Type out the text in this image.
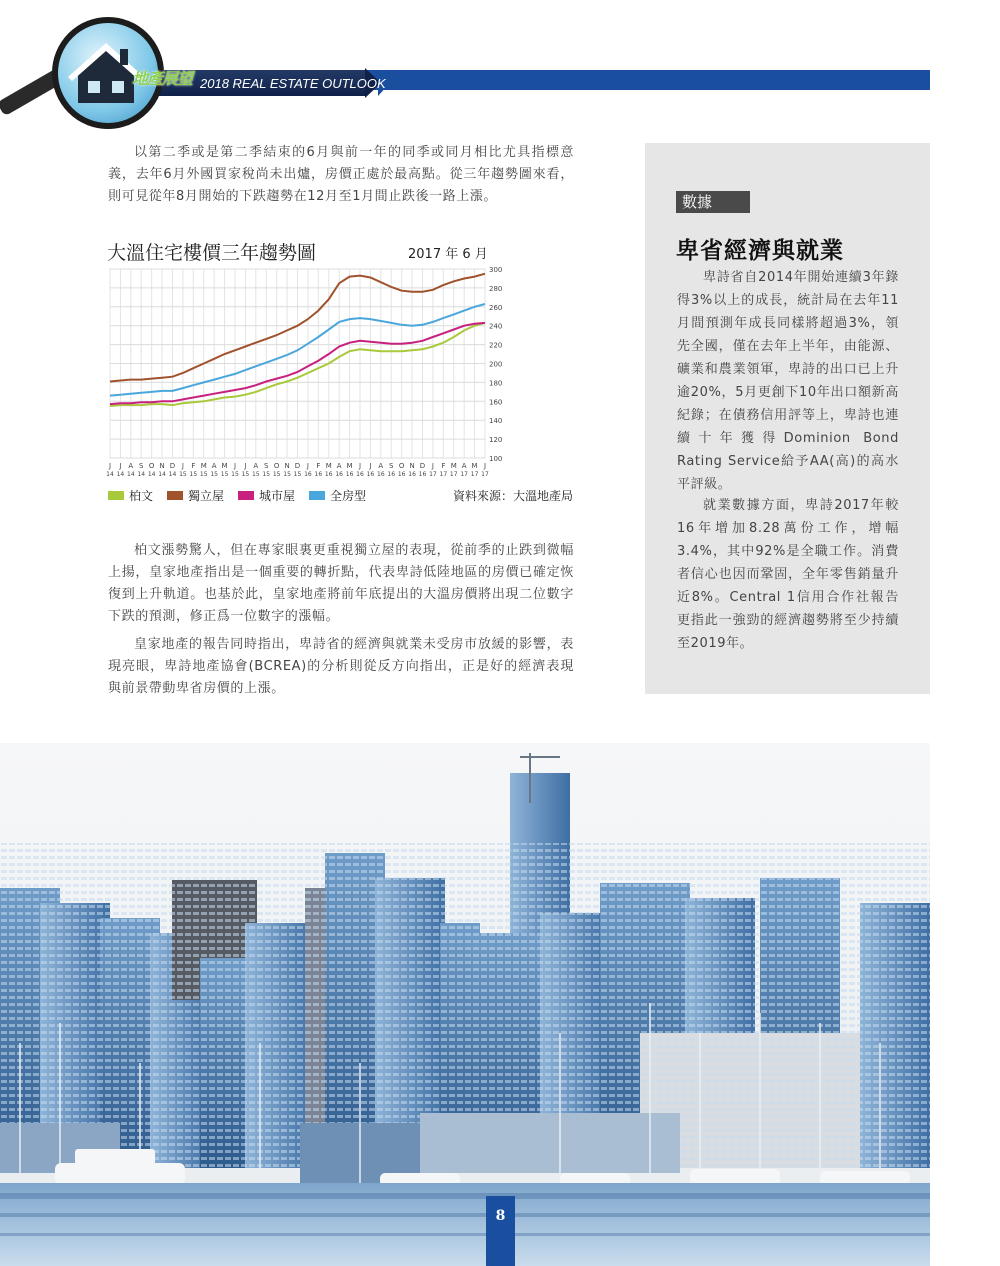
地產展望 2018 REAL ESTATE OUTLOOK
以第二季或是第二季結束的6月與前一年的同季或同月相比尤具指標意義，去年6月外國買家稅尚未出爐，房價正處於最高點。從三年趨勢圖來看，則可見從年8月開始的下跌趨勢在12月至1月間止跌後一路上漲。
大溫住宅樓價三年趨勢圖	2017 年 6 月
100
120
140
160
180
200
220
240
260
280
300
J
14
J
14
A
14
S
14
O
14
N
14
D
14
J
15
F
15
M
15
A
15
M
15
J
15
J
15
A
15
S
15
O
15
N
15
D
15
J
16
F
16
M
16
A
16
M
16
J
16
J
16
A
16
S
16
O
16
N
16
D
16
J
17
F
17
M
17
A
17
M
17
J
17
柏文	獨立屋	城市屋	全房型	資料來源：大溫地產局
柏文漲勢驚人，但在專家眼裏更重視獨立屋的表現，從前季的止跌到微幅上揚，皇家地產指出是一個重要的轉折點，代表卑詩低陸地區的房價已確定恢復到上升軌道。也基於此，皇家地產將前年底提出的大溫房價將出現二位數字下跌的預測，修正爲一位數字的漲幅。
皇家地產的報告同時指出，卑詩省的經濟與就業未受房市放緩的影響，表現亮眼，卑詩地產協會(BCREA)的分析則從反方向指出，正是好的經濟表現與前景帶動卑省房價的上漲。
數據
卑省經濟與就業
卑詩省自2014年開始連續3年錄得3%以上的成長，統計局在去年11月間預測年成長同樣將超過3%，領先全國，僅在去年上半年，由能源、礦業和農業領軍，卑詩的出口已上升逾20%，5月更創下10年出口額新高紀錄；在債務信用評等上，卑詩也連續十年獲得Dominion Bond Rating Service給予AA(高)的高水平評級。
就業數據方面，卑詩2017年較16年增加8.28萬份工作，增幅3.4%，其中92%是全職工作。消費者信心也因而鞏固，全年零售銷量升近8%。Central 1信用合作社報告更指此一強勁的經濟趨勢將至少持續至2019年。
8
